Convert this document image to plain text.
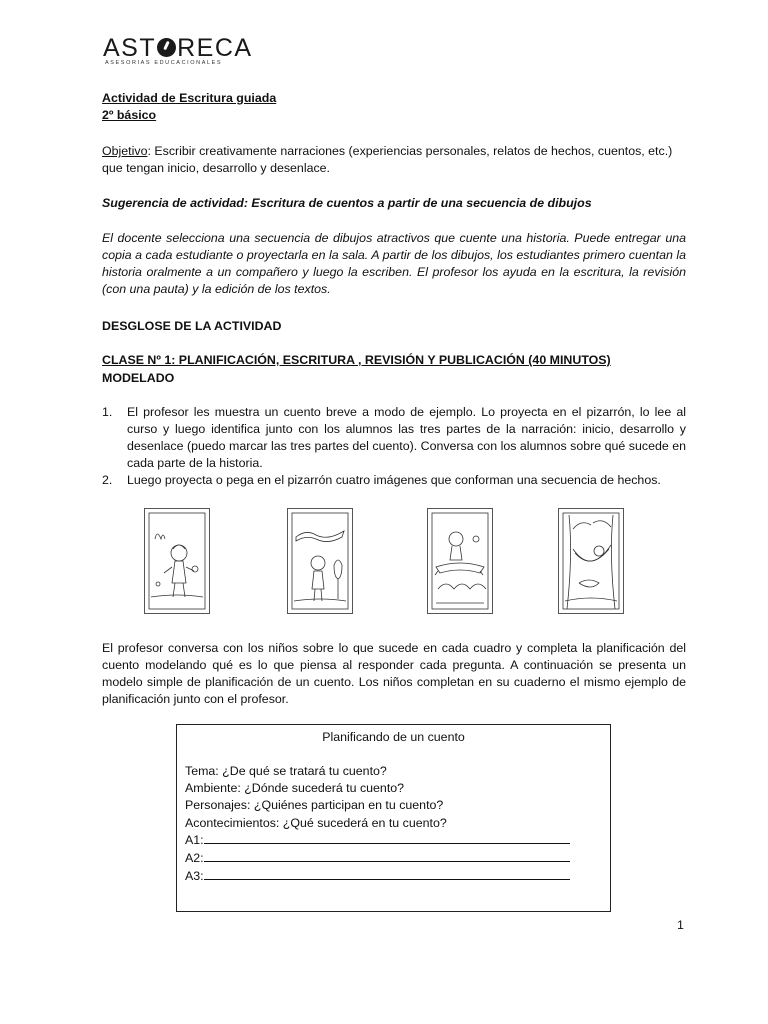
AST RECA
ASESORIAS EDUCACIONALES
Actividad de Escritura guiada
2º básico
Objetivo: Escribir creativamente narraciones (experiencias personales, relatos de hechos, cuentos, etc.)
que tengan inicio, desarrollo y desenlace.
Sugerencia de actividad: Escritura de cuentos a partir de una secuencia de dibujos
El docente selecciona una secuencia de dibujos atractivos que cuente una historia. Puede entregar una copia a cada estudiante o proyectarla en la sala. A partir de los dibujos, los estudiantes primero cuentan la historia oralmente a un compañero y luego la escriben. El profesor los ayuda en la escritura, la revisión (con una pauta) y la edición de los textos.
DESGLOSE DE LA ACTIVIDAD
CLASE Nº 1: PLANIFICACIÓN, ESCRITURA , REVISIÓN Y PUBLICACIÓN (40 MINUTOS)
MODELADO
1. El profesor les muestra un cuento breve a modo de ejemplo. Lo proyecta en el pizarrón, lo lee al curso y luego identifica junto con los alumnos las tres partes de la narración: inicio, desarrollo y desenlace (puedo marcar las tres partes del cuento). Conversa con los alumnos sobre qué sucede en cada parte de la historia.
2. Luego proyecta o pega en el pizarrón cuatro imágenes que conforman una secuencia de hechos.
El profesor conversa con los niños sobre lo que sucede en cada cuadro y completa la planificación del cuento modelando qué es lo que piensa al responder cada pregunta. A continuación se presenta un modelo simple de planificación de un cuento. Los niños completan en su cuaderno el mismo ejemplo de planificación junto con el profesor.
Planificando de un cuento
Tema: ¿De qué se tratará tu cuento?
Ambiente: ¿Dónde sucederá tu cuento?
Personajes: ¿Quiénes participan en tu cuento?
Acontecimientos: ¿Qué sucederá en tu cuento?
A1:
A2:
A3:
1
